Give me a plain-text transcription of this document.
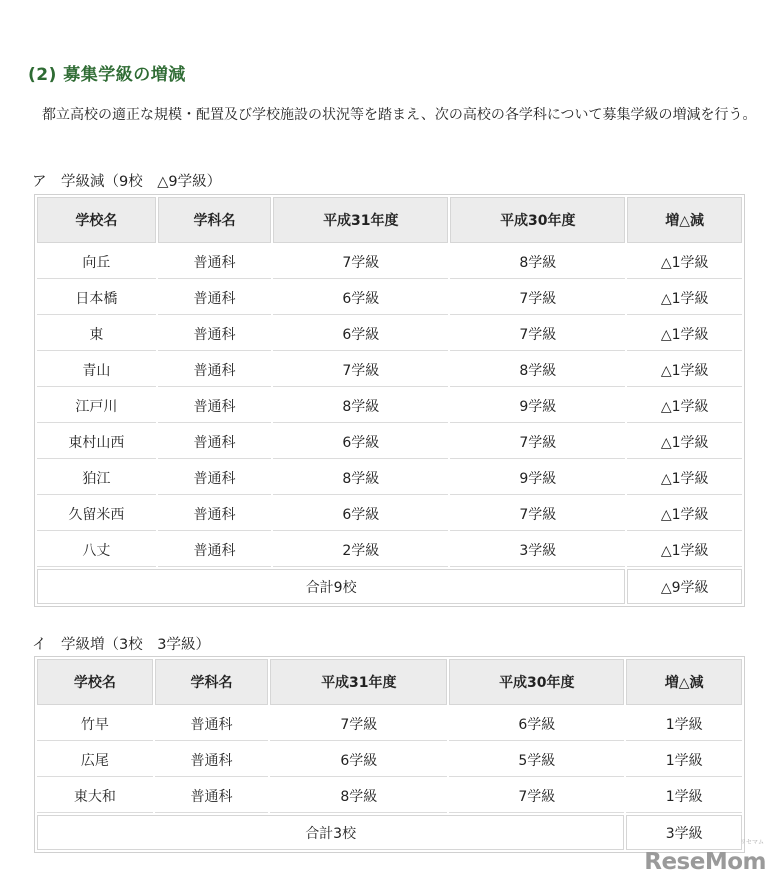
(2) 募集学級の増減
都立高校の適正な規模・配置及び学校施設の状況等を踏まえ、次の高校の各学科について募集学級の増減を行う。
ア　学級減（9校　△9学級）
学校名	学科名	平成31年度	平成30年度	増△減
向丘	普通科	7学級	8学級	△1学級
日本橋	普通科	6学級	7学級	△1学級
東	普通科	6学級	7学級	△1学級
青山	普通科	7学級	8学級	△1学級
江戸川	普通科	8学級	9学級	△1学級
東村山西	普通科	6学級	7学級	△1学級
狛江	普通科	8学級	9学級	△1学級
久留米西	普通科	6学級	7学級	△1学級
八丈	普通科	2学級	3学級	△1学級
合計9校				△9学級
イ　学級増（3校　3学級）
学校名	学科名	平成31年度	平成30年度	増△減
竹早	普通科	7学級	6学級	1学級
広尾	普通科	6学級	5学級	1学級
東大和	普通科	8学級	7学級	1学級
合計3校				3学級
リセマム
ReseMom
